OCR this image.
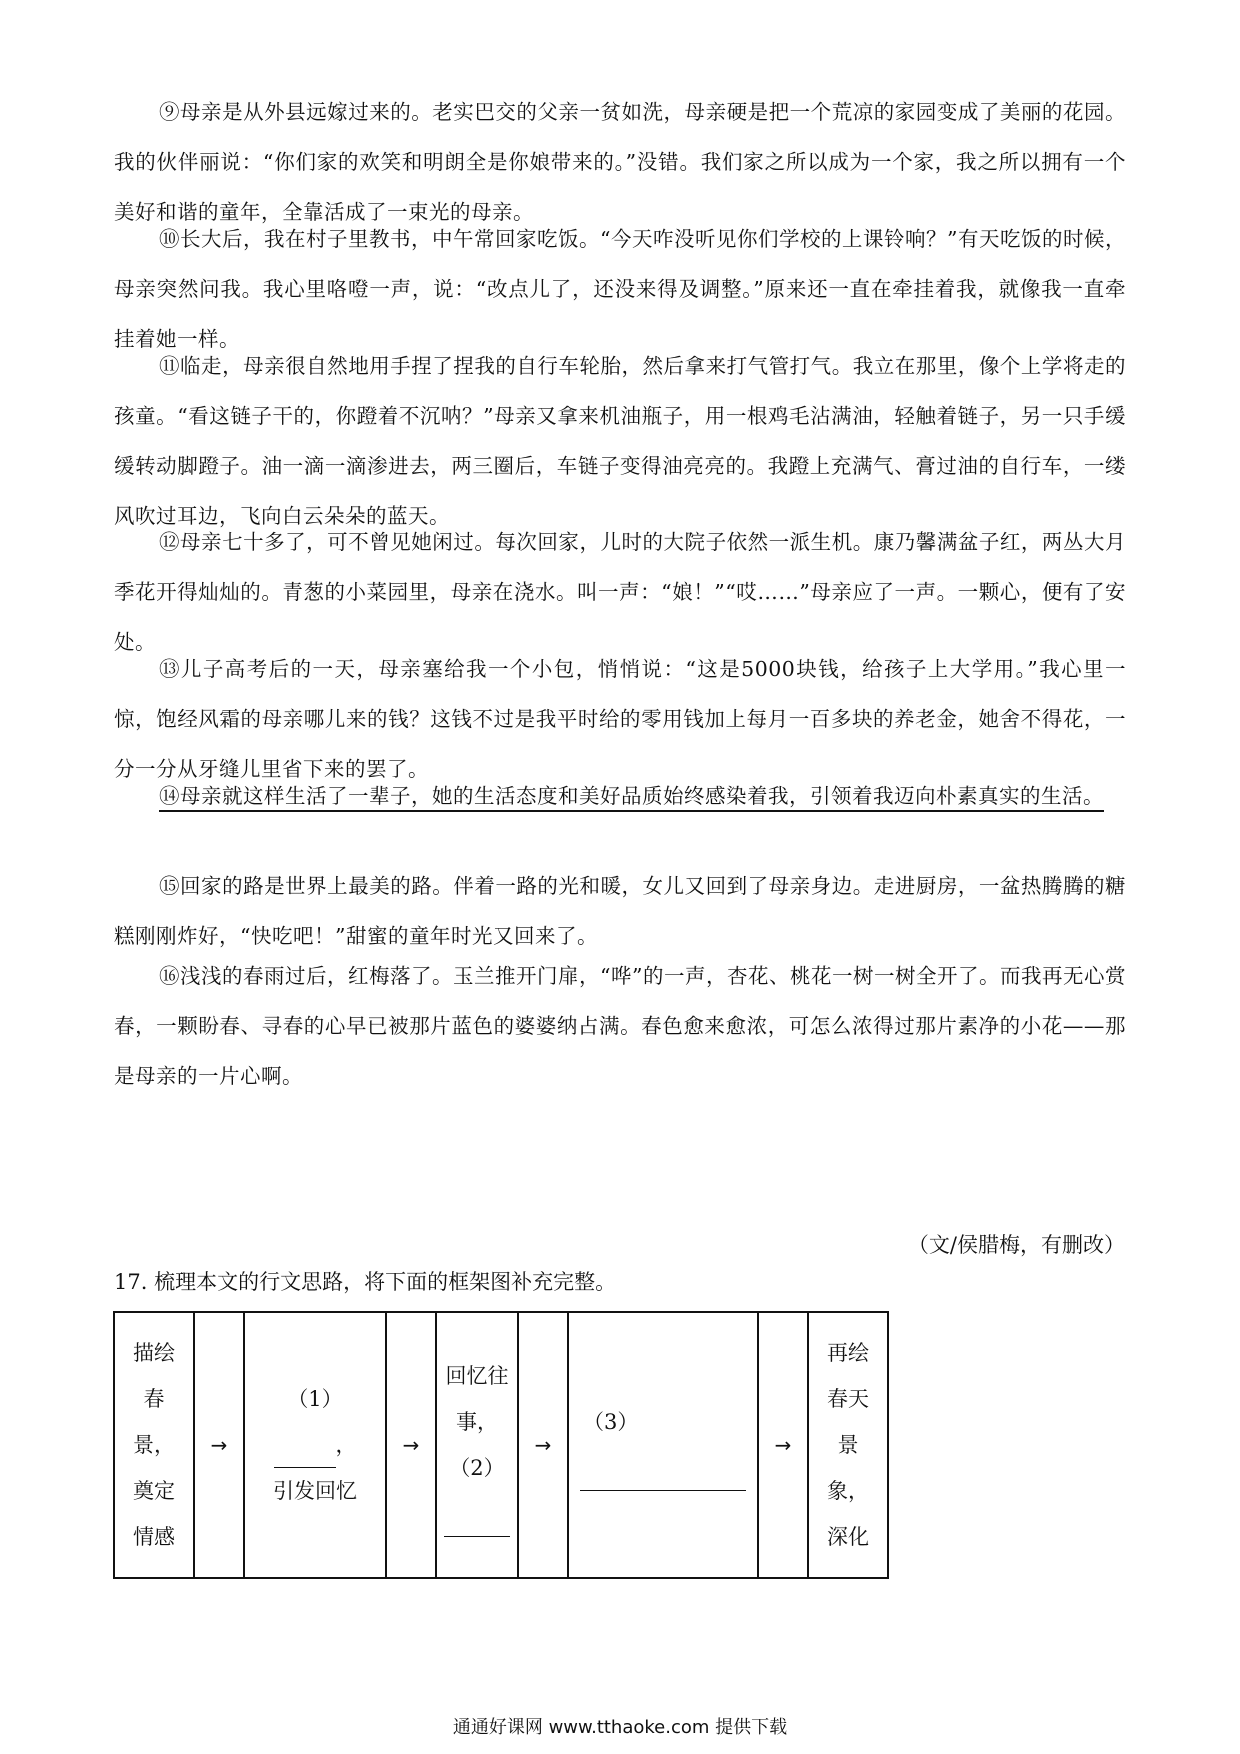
⑨母亲是从外县远嫁过来的。老实巴交的父亲一贫如洗，母亲硬是把一个荒凉的家园变成了美丽的花园。我的伙伴丽说：“你们家的欢笑和明朗全是你娘带来的。”没错。我们家之所以成为一个家，我之所以拥有一个美好和谐的童年，全靠活成了一束光的母亲。

⑩长大后，我在村子里教书，中午常回家吃饭。“今天咋没听见你们学校的上课铃响？”有天吃饭的时候，母亲突然问我。我心里咯噔一声，说：“改点儿了，还没来得及调整。”原来还一直在牵挂着我，就像我一直牵挂着她一样。

⑪临走，母亲很自然地用手捏了捏我的自行车轮胎，然后拿来打气管打气。我立在那里，像个上学将走的孩童。“看这链子干的，你蹬着不沉呐？”母亲又拿来机油瓶子，用一根鸡毛沾满油，轻触着链子，另一只手缓缓转动脚蹬子。油一滴一滴渗进去，两三圈后，车链子变得油亮亮的。我蹬上充满气、膏过油的自行车，一缕风吹过耳边，飞向白云朵朵的蓝天。

⑫母亲七十多了，可不曾见她闲过。每次回家，儿时的大院子依然一派生机。康乃馨满盆子红，两丛大月季花开得灿灿的。青葱的小菜园里，母亲在浇水。叫一声：“娘！”“哎……”母亲应了一声。一颗心，便有了安处。

⑬儿子高考后的一天，母亲塞给我一个小包，悄悄说：“这是5000块钱，给孩子上大学用。”我心里一惊，饱经风霜的母亲哪儿来的钱？这钱不过是我平时给的零用钱加上每月一百多块的养老金，她舍不得花，一分一分从牙缝儿里省下来的罢了。

⑭母亲就这样生活了一辈子，她的生活态度和美好品质始终感染着我，引领着我迈向朴素真实的生活。

⑮回家的路是世界上最美的路。伴着一路的光和暖，女儿又回到了母亲身边。走进厨房，一盆热腾腾的糖糕刚刚炸好，“快吃吧！”甜蜜的童年时光又回来了。

⑯浅浅的春雨过后，红梅落了。玉兰推开门扉，“哗”的一声，杏花、桃花一树一树全开了。而我再无心赏春，一颗盼春、寻春的心早已被那片蓝色的婆婆纳占满。春色愈来愈浓，可怎么浓得过那片素净的小花——那是母亲的一片心啊。

（文/侯腊梅，有删改）

17. 梳理本文的行文思路，将下面的框架图补充完整。

描绘
春
景，
奠定
情感
	→	
（1）
，
引发回忆
	→	
回忆往
事，
（2）
	→	
（3）
	→	
再绘
春天
景
象，
深化
通通好课网 www.tthaoke.com 提供下载
